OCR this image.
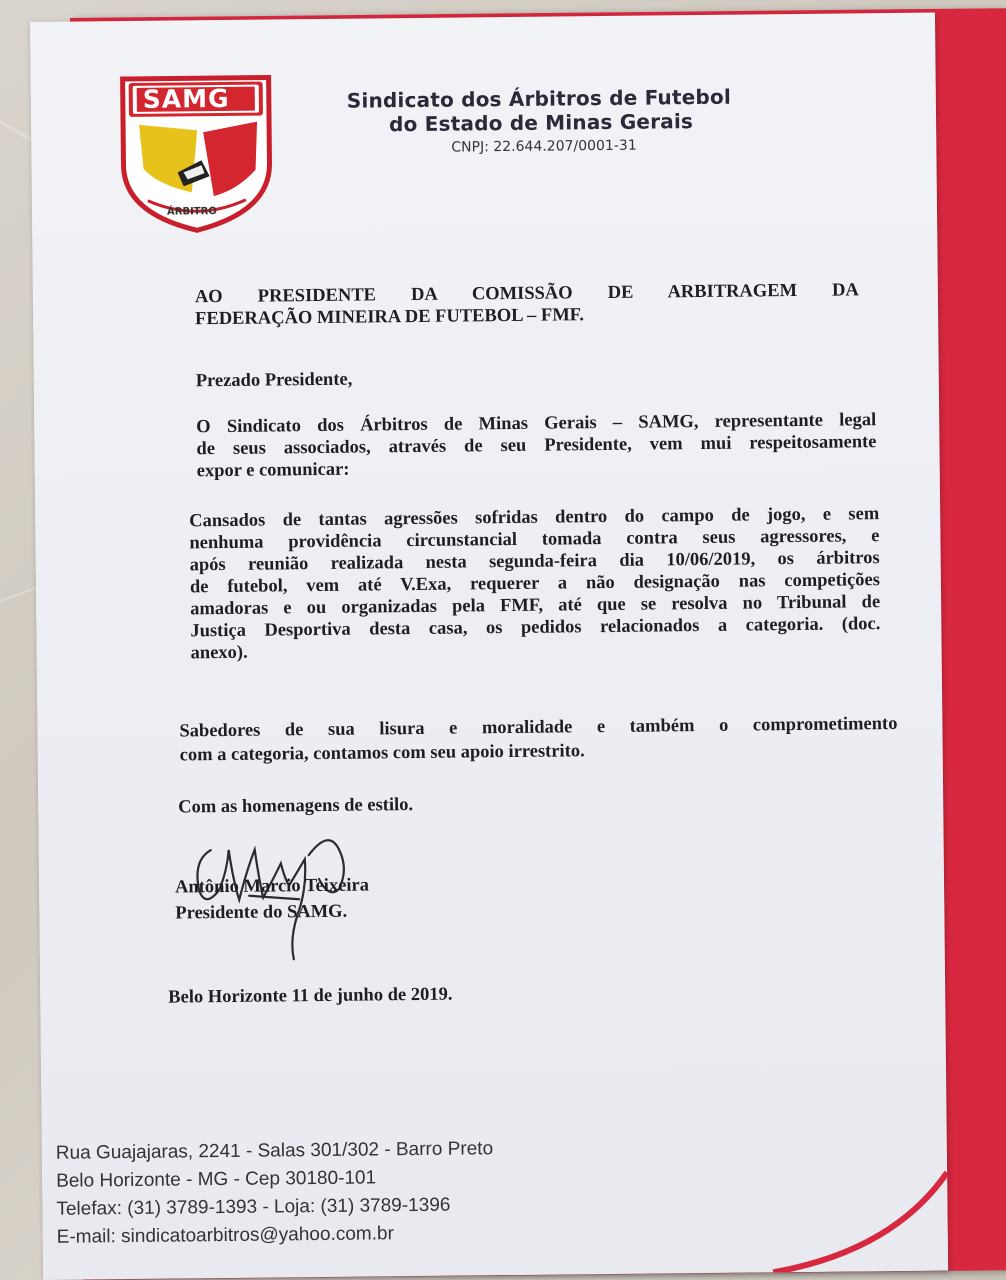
SAMG
ÁRBITRO
Sindicato dos Árbitros de Futebol
do Estado de Minas Gerais
CNPJ: 22.644.207/0001-31
AO PRESIDENTE DA COMISSÃO DE ARBITRAGEM DA
FEDERAÇÃO MINEIRA DE FUTEBOL – FMF.
Prezado Presidente,
O Sindicato dos Árbitros de Minas Gerais – SAMG, representante legal
de seus associados, através de seu Presidente, vem mui respeitosamente
expor e comunicar:
Cansados de tantas agressões sofridas dentro do campo de jogo, e sem
nenhuma providência circunstancial tomada contra seus agressores, e
após reunião realizada nesta segunda-feira dia 10/06/2019, os árbitros
de futebol, vem até V.Exa, requerer a não designação nas competições
amadoras e ou organizadas pela FMF, até que se resolva no Tribunal de
Justiça Desportiva desta casa, os pedidos relacionados a categoria. (doc.
anexo).
Sabedores de sua lisura e moralidade e também o comprometimento
com a categoria, contamos com seu apoio irrestrito.
Com as homenagens de estilo.
Antônio Marcio Teixeira
Presidente do SAMG.
Belo Horizonte 11 de junho de 2019.
Rua Guajajaras, 2241 - Salas 301/302 - Barro Preto
Belo Horizonte - MG - Cep 30180-101
Telefax: (31) 3789-1393 - Loja: (31) 3789-1396
E-mail: sindicatoarbitros@yahoo.com.br
